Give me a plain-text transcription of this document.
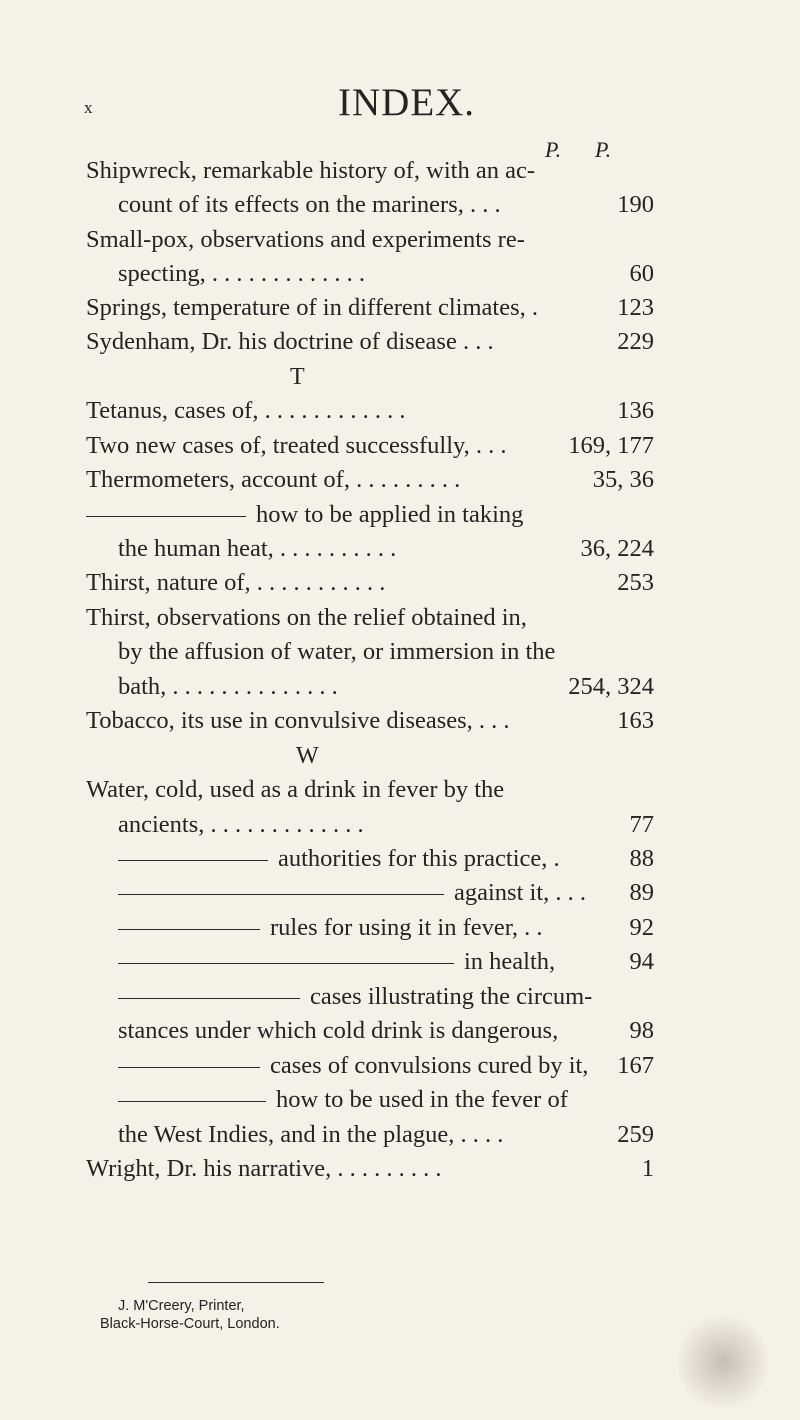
x	INDEX.
P. P.
Shipwreck, remarkable history of, with an ac-
count of its effects on the mariners, . . .	190
Small-pox, observations and experiments re-
specting, . . . . . . . . . . . . .	60
Springs, temperature of in different climates, .	123
Sydenham, Dr. his doctrine of disease . . .	229
T
Tetanus, cases of, . . . . . . . . . . . .	136
Two new cases of, treated successfully, . . .	169, 177
Thermometers, account of, . . . . . . . . .	35, 36
how to be applied in taking
the human heat, . . . . . . . . . .	36, 224
Thirst, nature of, . . . . . . . . . . .	253
Thirst, observations on the relief obtained in,
by the affusion of water, or immersion in the
bath, . . . . . . . . . . . . . .	254, 324
Tobacco, its use in convulsive diseases, . . .	163
W
Water, cold, used as a drink in fever by the
ancients, . . . . . . . . . . . . .	77
authorities for this practice, .	88
against it, . . .	89
rules for using it in fever, . .	92
in health,	94
cases illustrating the circum-
stances under which cold drink is dangerous,	98
cases of convulsions cured by it,	167
how to be used in the fever of
the West Indies, and in the plague, . . . .	259
Wright, Dr. his narrative, . . . . . . . . .	1
J. M'Creery, Printer,
Black-Horse-Court, London.
